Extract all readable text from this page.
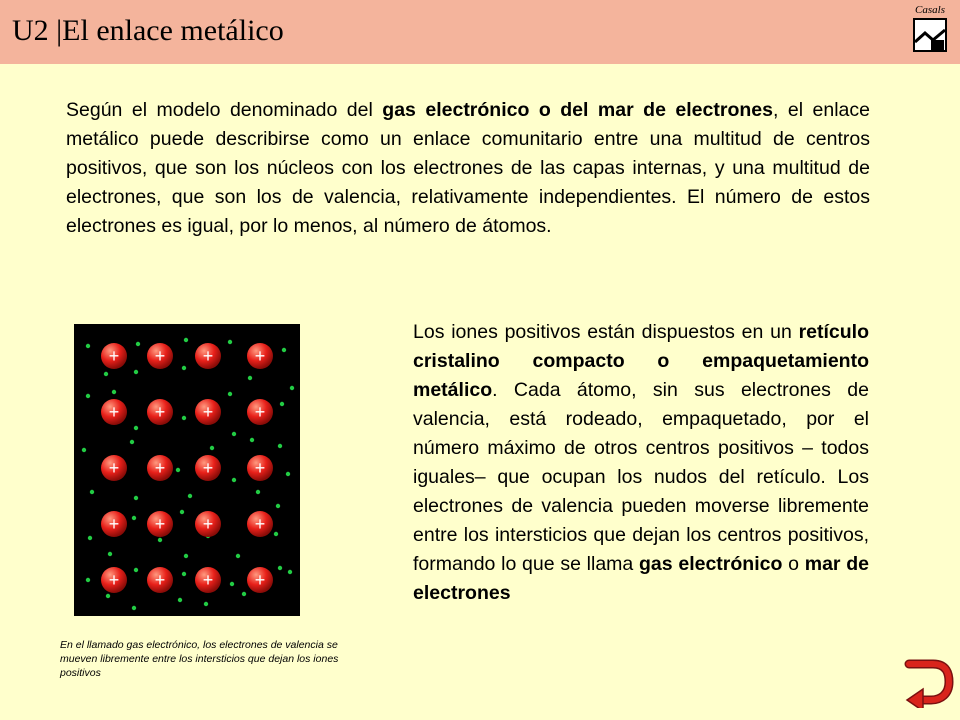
U2 |El enlace metálico
Casals

Según el modelo denominado del gas electrónico o del mar de electrones, el enlace metálico puede describirse como un enlace comunitario entre una multitud de centros positivos, que son los núcleos con los electrones de las capas internas, y una multitud de electrones, que son los de valencia, relativamente independientes. El número de estos electrones es igual, por lo menos, al número de átomos.

+ + + +
+ + + +
+ + + +
+ + + +
+ + + +
En el llamado gas electrónico, los electrones de valencia se mueven libremente entre los intersticios que dejan los iones positivos

Los iones positivos están dispuestos en un retículo cristalino compacto o empaquetamiento metálico. Cada átomo, sin sus electrones de valencia, está rodeado, empaquetado, por el número máximo de otros centros positivos – todos iguales– que ocupan los nudos del retículo. Los electrones de valencia pueden moverse libremente entre los intersticios que dejan los centros positivos, formando lo que se llama gas electrónico o mar de electrones
